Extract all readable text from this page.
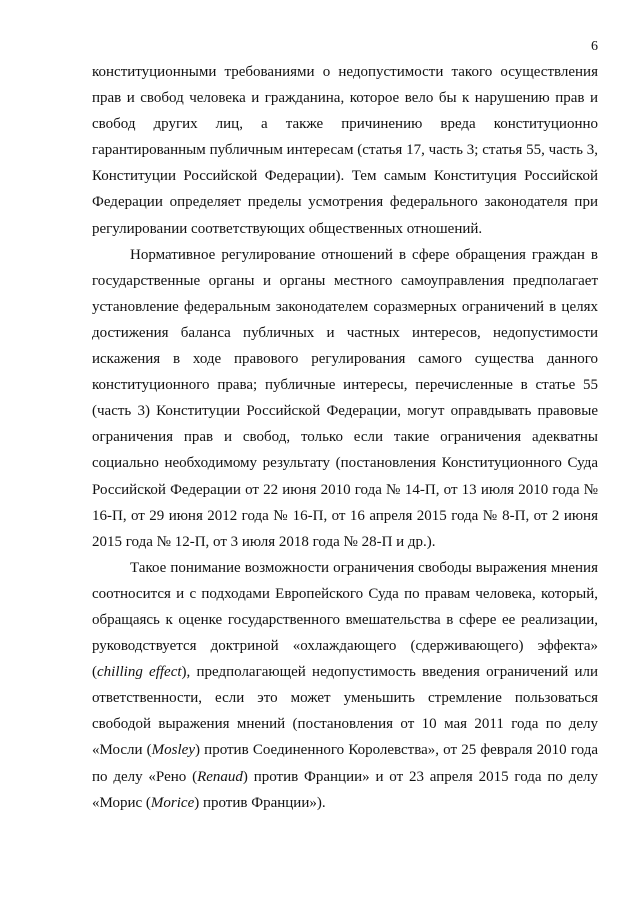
6

конституционными требованиями о недопустимости такого осуществления прав и свобод человека и гражданина, которое вело бы к нарушению прав и свобод других лиц, а также причинению вреда конституционно гарантированным публичным интересам (статья 17, часть 3; статья 55, часть 3, Конституции Российской Федерации). Тем самым Конституция Российской Федерации определяет пределы усмотрения федерального законодателя при регулировании соответствующих общественных отношений.

Нормативное регулирование отношений в сфере обращения граждан в государственные органы и органы местного самоуправления предполагает установление федеральным законодателем соразмерных ограничений в целях достижения баланса публичных и частных интересов, недопустимости искажения в ходе правового регулирования самого существа данного конституционного права; публичные интересы, перечисленные в статье 55 (часть 3) Конституции Российской Федерации, могут оправдывать правовые ограничения прав и свобод, только если такие ограничения адекватны социально необходимому результату (постановления Конституционного Суда Российской Федерации от 22 июня 2010 года № 14-П, от 13 июля 2010 года № 16-П, от 29 июня 2012 года № 16-П, от 16 апреля 2015 года № 8-П, от 2 июня 2015 года № 12-П, от 3 июля 2018 года № 28-П и др.).

Такое понимание возможности ограничения свободы выражения мнения соотносится и с подходами Европейского Суда по правам человека, который, обращаясь к оценке государственного вмешательства в сфере ее реализации, руководствуется доктриной «охлаждающего (сдерживающего) эффекта» (chilling effect), предполагающей недопустимость введения ограничений или ответственности, если это может уменьшить стремление пользоваться свободой выражения мнений (постановления от 10 мая 2011 года по делу «Мосли (Mosley) против Соединенного Королевства», от 25 февраля 2010 года по делу «Рено (Renaud) против Франции» и от 23 апреля 2015 года по делу «Морис (Morice) против Франции»).
